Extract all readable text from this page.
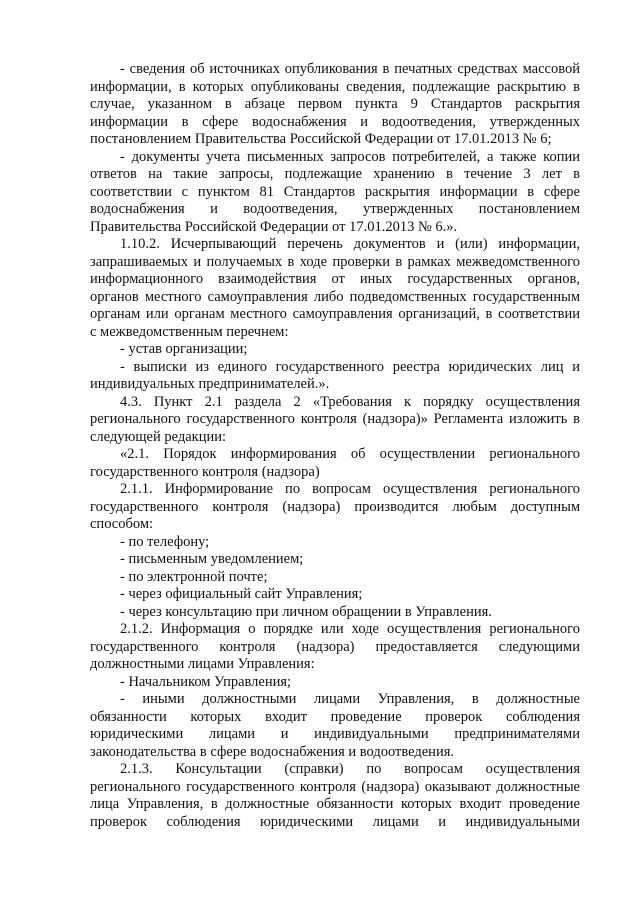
- сведения об источниках опубликования в печатных средствах массовой
информации, в которых опубликованы сведения, подлежащие раскрытию в
случае, указанном в абзаце первом пункта 9 Стандартов раскрытия
информации в сфере водоснабжения и водоотведения, утвержденных
постановлением Правительства Российской Федерации от 17.01.2013 № 6;
- документы учета письменных запросов потребителей, а также копии
ответов на такие запросы, подлежащие хранению в течение 3 лет в
соответствии с пунктом 81 Стандартов раскрытия информации в сфере
водоснабжения и водоотведения, утвержденных постановлением
Правительства Российской Федерации от 17.01.2013 № 6.».
1.10.2. Исчерпывающий перечень документов и (или) информации,
запрашиваемых и получаемых в ходе проверки в рамках межведомственного
информационного взаимодействия от иных государственных органов,
органов местного самоуправления либо подведомственных государственным
органам или органам местного самоуправления организаций, в соответствии
с межведомственным перечнем:
- устав организации;
- выписки из единого государственного реестра юридических лиц и
индивидуальных предпринимателей.».
4.3. Пункт 2.1 раздела 2 «Требования к порядку осуществления
регионального государственного контроля (надзора)» Регламента изложить в
следующей редакции:
«2.1. Порядок информирования об осуществлении регионального
государственного контроля (надзора)
2.1.1. Информирование по вопросам осуществления регионального
государственного контроля (надзора) производится любым доступным
способом:
- по телефону;
- письменным уведомлением;
- по электронной почте;
- через официальный сайт Управления;
- через консультацию при личном обращении в Управления.
2.1.2. Информация о порядке или ходе осуществления регионального
государственного контроля (надзора) предоставляется следующими
должностными лицами Управления:
- Начальником Управления;
- иными должностными лицами Управления, в должностные
обязанности которых входит проведение проверок соблюдения
юридическими лицами и индивидуальными предпринимателями
законодательства в сфере водоснабжения и водоотведения.
2.1.3. Консультации (справки) по вопросам осуществления
регионального государственного контроля (надзора) оказывают должностные
лица Управления, в должностные обязанности которых входит проведение
проверок соблюдения юридическими лицами и индивидуальными
